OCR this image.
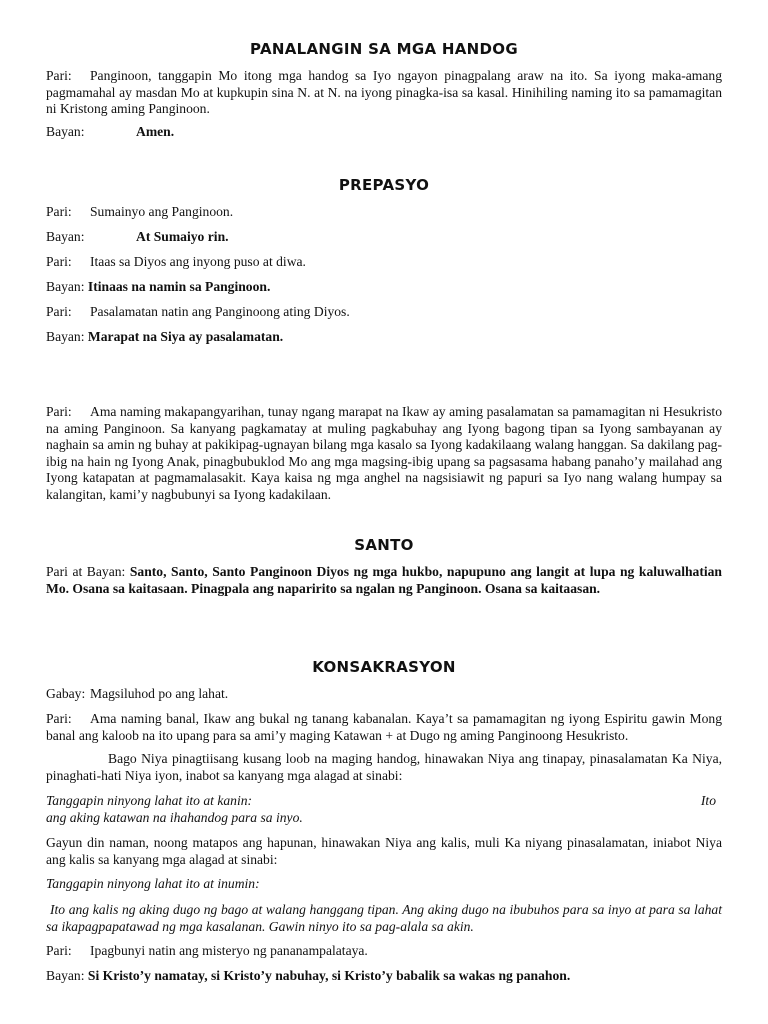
PANALANGIN SA MGA HANDOG

Pari: Panginoon, tanggapin Mo itong mga handog sa Iyo ngayon pinagpalang araw na ito. Sa iyong maka-amang pagmamahal ay masdan Mo at kupkupin sina N. at N. na iyong pinagka-isa sa kasal. Hinihiling naming ito sa pamamagitan ni Kristong aming Panginoon.

Bayan:	Amen.

PREPASYO

Pari: Sumainyo ang Panginoon.

Bayan:	At Sumaiyo rin.

Pari: Itaas sa Diyos ang inyong puso at diwa.

Bayan: Itinaas na namin sa Panginoon.

Pari: Pasalamatan natin ang Panginoong ating Diyos.

Bayan: Marapat na Siya ay pasalamatan.

Pari: Ama naming makapangyarihan, tunay ngang marapat na Ikaw ay aming pasalamatan sa pamamagitan ni Hesukristo na aming Panginoon. Sa kanyang pagkamatay at muling pagkabuhay ang Iyong bagong tipan sa Iyong sambayanan ay naghain sa amin ng buhay at pakikipag-ugnayan bilang mga kasalo sa Iyong kadakilaang walang hanggan. Sa dakilang pag-ibig na hain ng Iyong Anak, pinagbubuklod Mo ang mga magsing-ibig upang sa pagsasama habang panaho’y mailahad ang Iyong katapatan at pagmamalasakit. Kaya kaisa ng mga anghel na nagsisiawit ng papuri sa Iyo nang walang humpay sa kalangitan, kami’y nagbubunyi sa Iyong kadakilaan.

SANTO

Pari at Bayan: Santo, Santo, Santo Panginoon Diyos ng mga hukbo, napupuno ang langit at lupa ng kaluwalhatian Mo. Osana sa kaitasaan. Pinagpala ang naparirito sa ngalan ng Panginoon. Osana sa kaitaasan.

KONSAKRASYON

Gabay: Magsiluhod po ang lahat.

Pari: Ama naming banal, Ikaw ang bukal ng tanang kabanalan. Kaya’t sa pamamagitan ng iyong Espiritu gawin Mong banal ang kaloob na ito upang para sa ami’y maging Katawan + at Dugo ng aming Panginoong Hesukristo.

Bago Niya pinagtiisang kusang loob na maging handog, hinawakan Niya ang tinapay, pinasalamatan Ka Niya, pinaghati-hati Niya iyon, inabot sa kanyang mga alagad at sinabi:

Tanggapin ninyong lahat ito at kanin:	Ito
ang aking katawan na ihahandog para sa inyo.

Gayun din naman, noong matapos ang hapunan, hinawakan Niya ang kalis, muli Ka niyang pinasalamatan, iniabot Niya ang kalis sa kanyang mga alagad at sinabi:

Tanggapin ninyong lahat ito at inumin:

Ito ang kalis ng aking dugo ng bago at walang hanggang tipan. Ang aking dugo na ibubuhos para sa inyo at para sa lahat sa ikapagpapatawad ng mga kasalanan. Gawin ninyo ito sa pag-alala sa akin.

Pari: Ipagbunyi natin ang misteryo ng pananampalataya.

Bayan: Si Kristo’y namatay, si Kristo’y nabuhay, si Kristo’y babalik sa wakas ng panahon.
